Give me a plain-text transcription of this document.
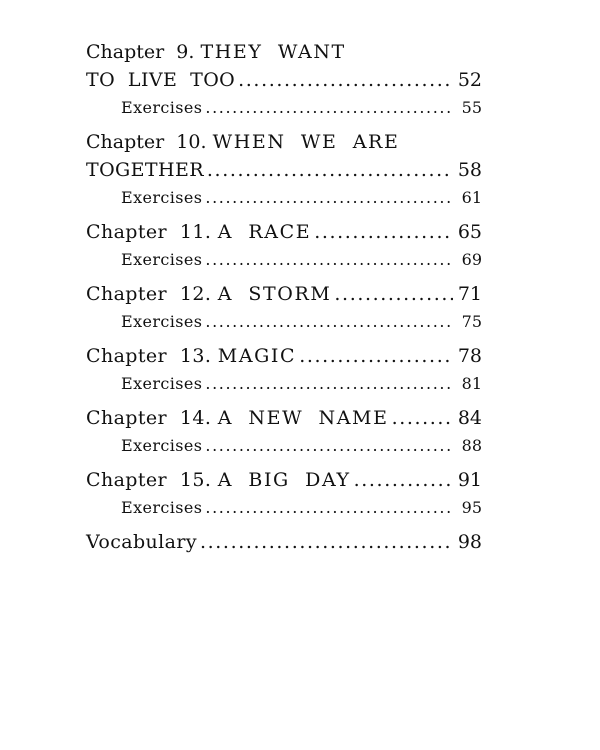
Chapter  9. THEY  WANT
TO  LIVE  TOO .....	52
Exercises .....	55
Chapter  10. WHEN  WE  ARE
TOGETHER .....	58
Exercises .....	61
Chapter  11. A  RACE .....	65
Exercises .....	69
Chapter  12. A  STORM .....	71
Exercises .....	75
Chapter  13. MAGIC .....	78
Exercises .....	81
Chapter  14. A  NEW  NAME .....	84
Exercises .....	88
Chapter  15. A  BIG  DAY .....	91
Exercises .....	95
Vocabulary .....	98
